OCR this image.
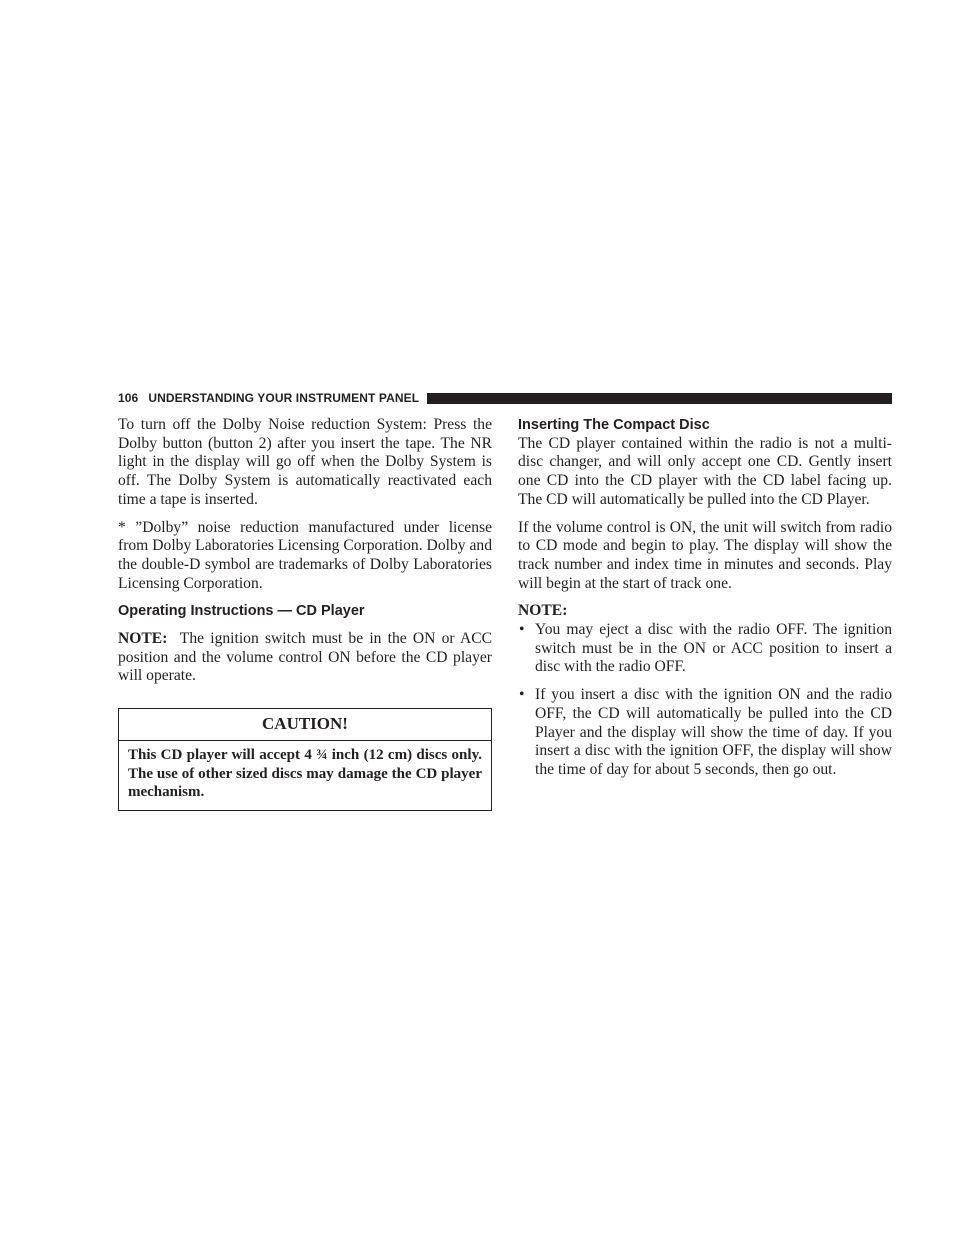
106 UNDERSTANDING YOUR INSTRUMENT PANEL

To turn off the Dolby Noise reduction System: Press the Dolby button (button 2) after you insert the tape. The NR light in the display will go off when the Dolby System is off. The Dolby System is automatically reactivated each time a tape is inserted.

* ”Dolby” noise reduction manufactured under license from Dolby Laboratories Licensing Corporation. Dolby and the double-D symbol are trademarks of Dolby Laboratories Licensing Corporation.

Operating Instructions — CD Player

NOTE: The ignition switch must be in the ON or ACC position and the volume control ON before the CD player will operate.

CAUTION!
This CD player will accept 4 ¾ inch (12 cm) discs only. The use of other sized discs may damage the CD player mechanism.
Inserting The Compact Disc

The CD player contained within the radio is not a multi-disc changer, and will only accept one CD. Gently insert one CD into the CD player with the CD label facing up. The CD will automatically be pulled into the CD Player.

If the volume control is ON, the unit will switch from radio to CD mode and begin to play. The display will show the track number and index time in minutes and seconds. Play will begin at the start of track one.

NOTE:
• You may eject a disc with the radio OFF. The ignition switch must be in the ON or ACC position to insert a disc with the radio OFF.
• If you insert a disc with the ignition ON and the radio OFF, the CD will automatically be pulled into the CD Player and the display will show the time of day. If you insert a disc with the ignition OFF, the display will show the time of day for about 5 seconds, then go out.
